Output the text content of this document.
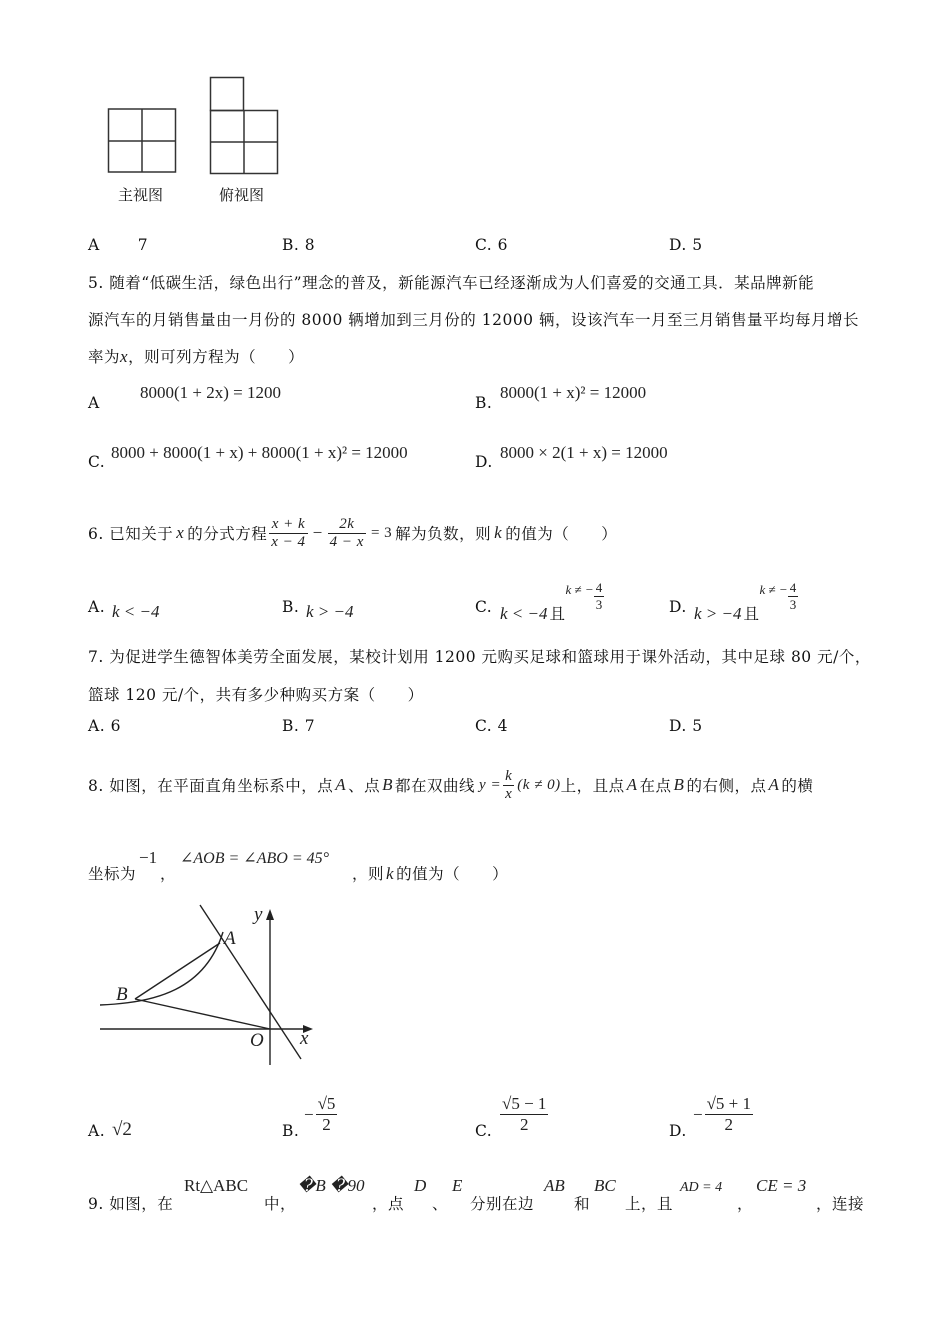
主视图	俯视图
A 7	B. 8	C. 6	D. 5
5. 随着“低碳生活，绿色出行”理念的普及，新能源汽车已经逐渐成为人们喜爱的交通工具．某品牌新能
源汽车的月销售量由一月份的 8000 辆增加到三月份的 12000 辆，设该汽车一月至三月销售量平均每月增长
率为x，则可列方程为（　　）
A
8000(1 + 2x) = 1200
B.
8000(1 + x)² = 12000
C. 8000 + 8000(1 + x) + 8000(1 + x)² = 12000	D. 8000 × 2(1 + x) = 12000
6. 已知关于 x 的分式方程 $\frac{x + k}{x - 4} - \frac{2k}{4 - x} = 3$ 解为负数，则 k 的值为（　　）
A. k < −4	B. k > −4	C. k < −4 且
k ≠ − $\frac{4}{3}$	D. k > −4 且
k ≠ − $\frac{4}{3}$
7. 为促进学生德智体美劳全面发展，某校计划用 1200 元购买足球和篮球用于课外活动，其中足球 80 元/个，
篮球 120 元/个，共有多少种购买方案（　　）
A. 6	B. 7	C. 4	D. 5
8. 如图，在平面直角坐标系中，点 A 、点 B 都在双曲线 $y = \frac{k}{x} (k \ne 0)$ 上，且点 A 在点 B 的右侧，点 A 的横
坐标为
−1
，
∠AOB = ∠ABO = 45°
，则 k 的值为（　　）
y
x
O
A
B
A. √2	B.
− $\frac{√5}{2}$	C. $\frac{√5 - 1}{2}$	D.
− $\frac{√5 + 1}{2}$
9. 如图，在
Rt△ABC
中，
�B �90
，点
D
、
E
分别在边
AB
和
BC
上，且
AD = 4
，
CE = 3
，连接
